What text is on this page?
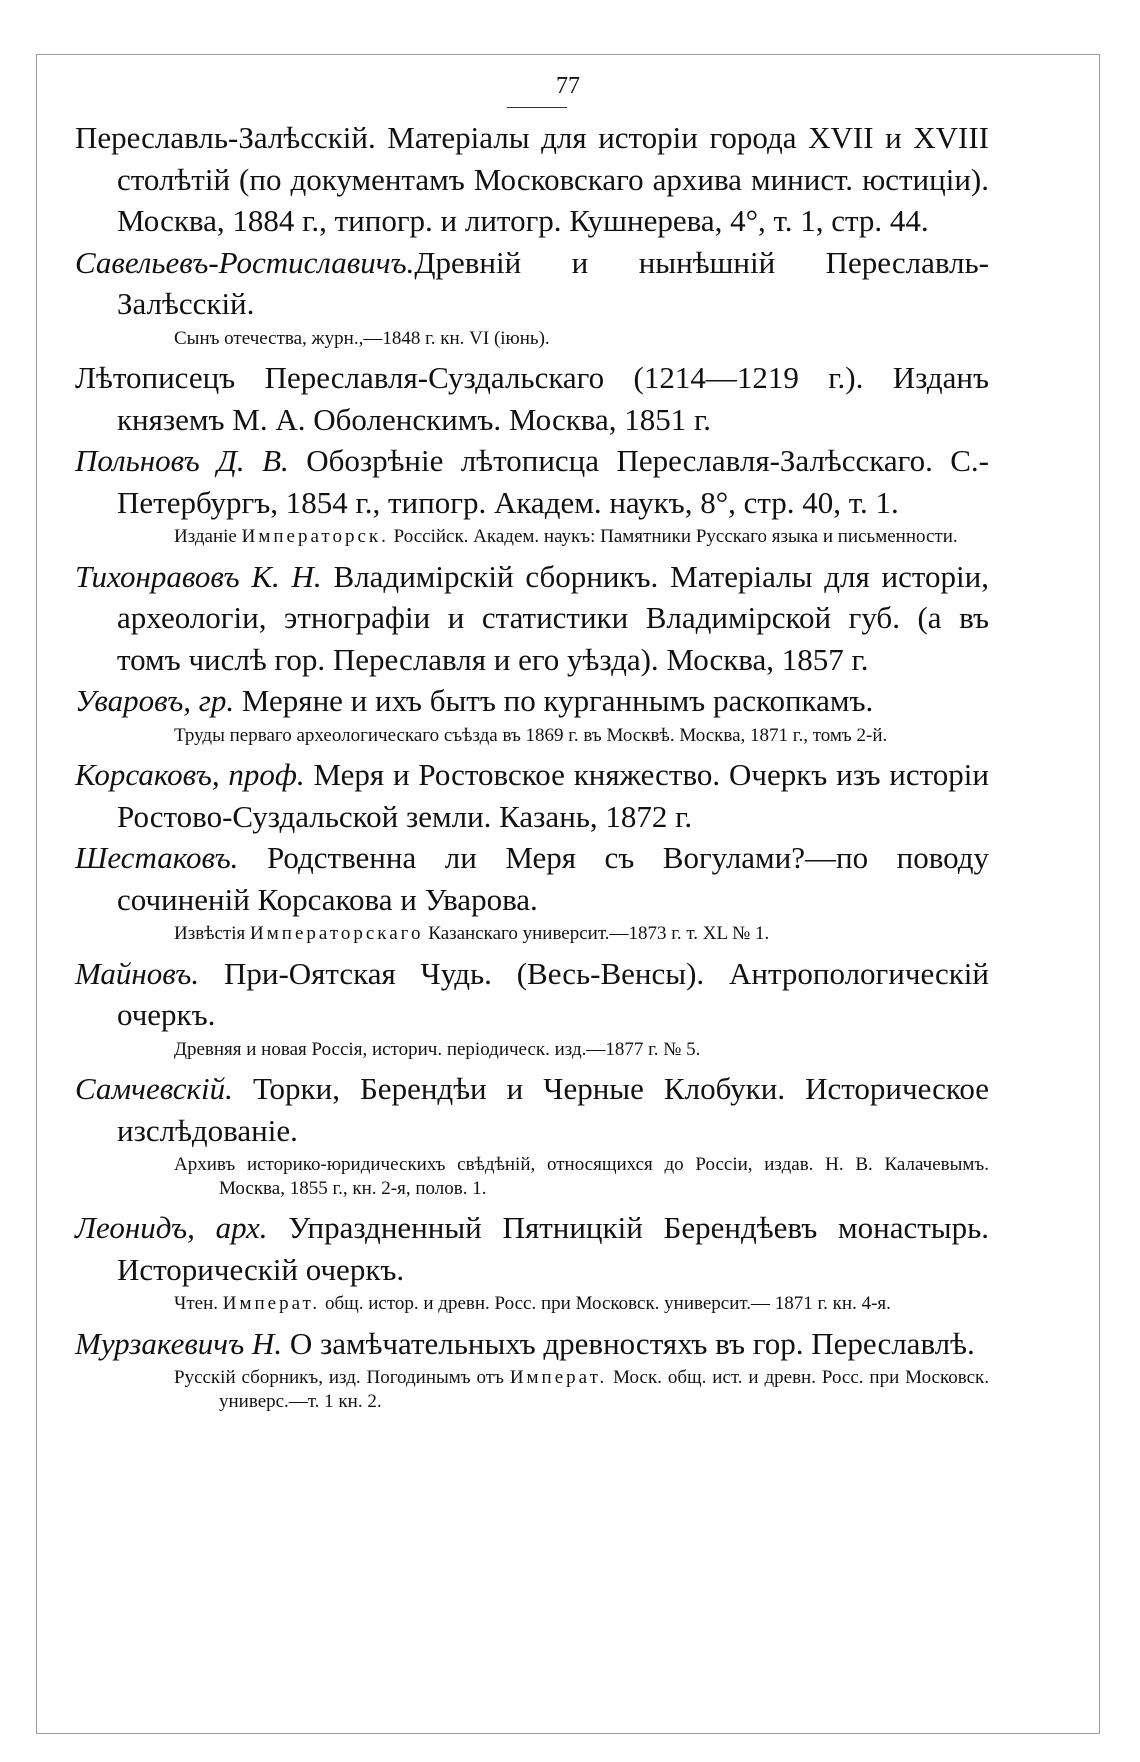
77

Переславль-Залѣсскій. Матеріалы для исторіи города XVII и XVIII столѣтій (по документамъ Московскаго архива минист. юстиціи). Москва, 1884 г., типогр. и литогр. Кушнерева, 4°, т. 1, стр. 44.

Савельевъ-Ростиславичъ.Древній и нынѣшній Переславль-Залѣсскій.

Сынъ отечества, журн.,—1848 г. кн. VI (іюнь).

Лѣтописецъ Переславля-Суздальскаго (1214—1219 г.). Изданъ княземъ М. А. Оболенскимъ. Москва, 1851 г.

Польновъ Д. В. Обозрѣніе лѣтописца Переславля-Залѣсскаго. С.-Петербургъ, 1854 г., типогр. Академ. наукъ, 8°, стр. 40, т. 1.

Изданіе Императорск. Россійск. Академ. наукъ: Памятники Русскаго языка и письменности.

Тихонравовъ К. Н. Владимірскій сборникъ. Матеріалы для исторіи, археологіи, этнографіи и статистики Владимірской губ. (а въ томъ числѣ гор. Переславля и его уѣзда). Москва, 1857 г.

Уваровъ, гр. Меряне и ихъ бытъ по курганнымъ раскопкамъ.

Труды перваго археологическаго съѣзда въ 1869 г. въ Москвѣ. Москва, 1871 г., томъ 2-й.

Корсаковъ, проф. Меря и Ростовское княжество. Очеркъ изъ исторіи Ростово-Суздальской земли. Казань, 1872 г.

Шестаковъ. Родственна ли Меря съ Вогулами?—по поводу сочиненій Корсакова и Уварова.

Извѣстія Императорскаго Казанскаго университ.—1873 г. т. XL № 1.

Майновъ. При-Оятская Чудь. (Весь-Венсы). Антропологическій очеркъ.

Древняя и новая Россія, историч. періодическ. изд.—1877 г. № 5.

Самчевскій. Торки, Берендѣи и Черные Клобуки. Историческое изслѣдованіе.

Архивъ историко-юридическихъ свѣдѣній, относящихся до Россіи, издав. Н. В. Калачевымъ. Москва, 1855 г., кн. 2-я, полов. 1.

Леонидъ, арх. Упраздненный Пятницкій Берендѣевъ монастырь. Историческій очеркъ.

Чтен. Императ. общ. истор. и древн. Росс. при Московск. университ.— 1871 г. кн. 4-я.

Мурзакевичъ Н. О замѣчательныхъ древностяхъ въ гор. Переславлѣ.

Русскій сборникъ, изд. Погодинымъ отъ Императ. Моск. общ. ист. и древн. Росс. при Московск. универс.—т. 1 кн. 2.
